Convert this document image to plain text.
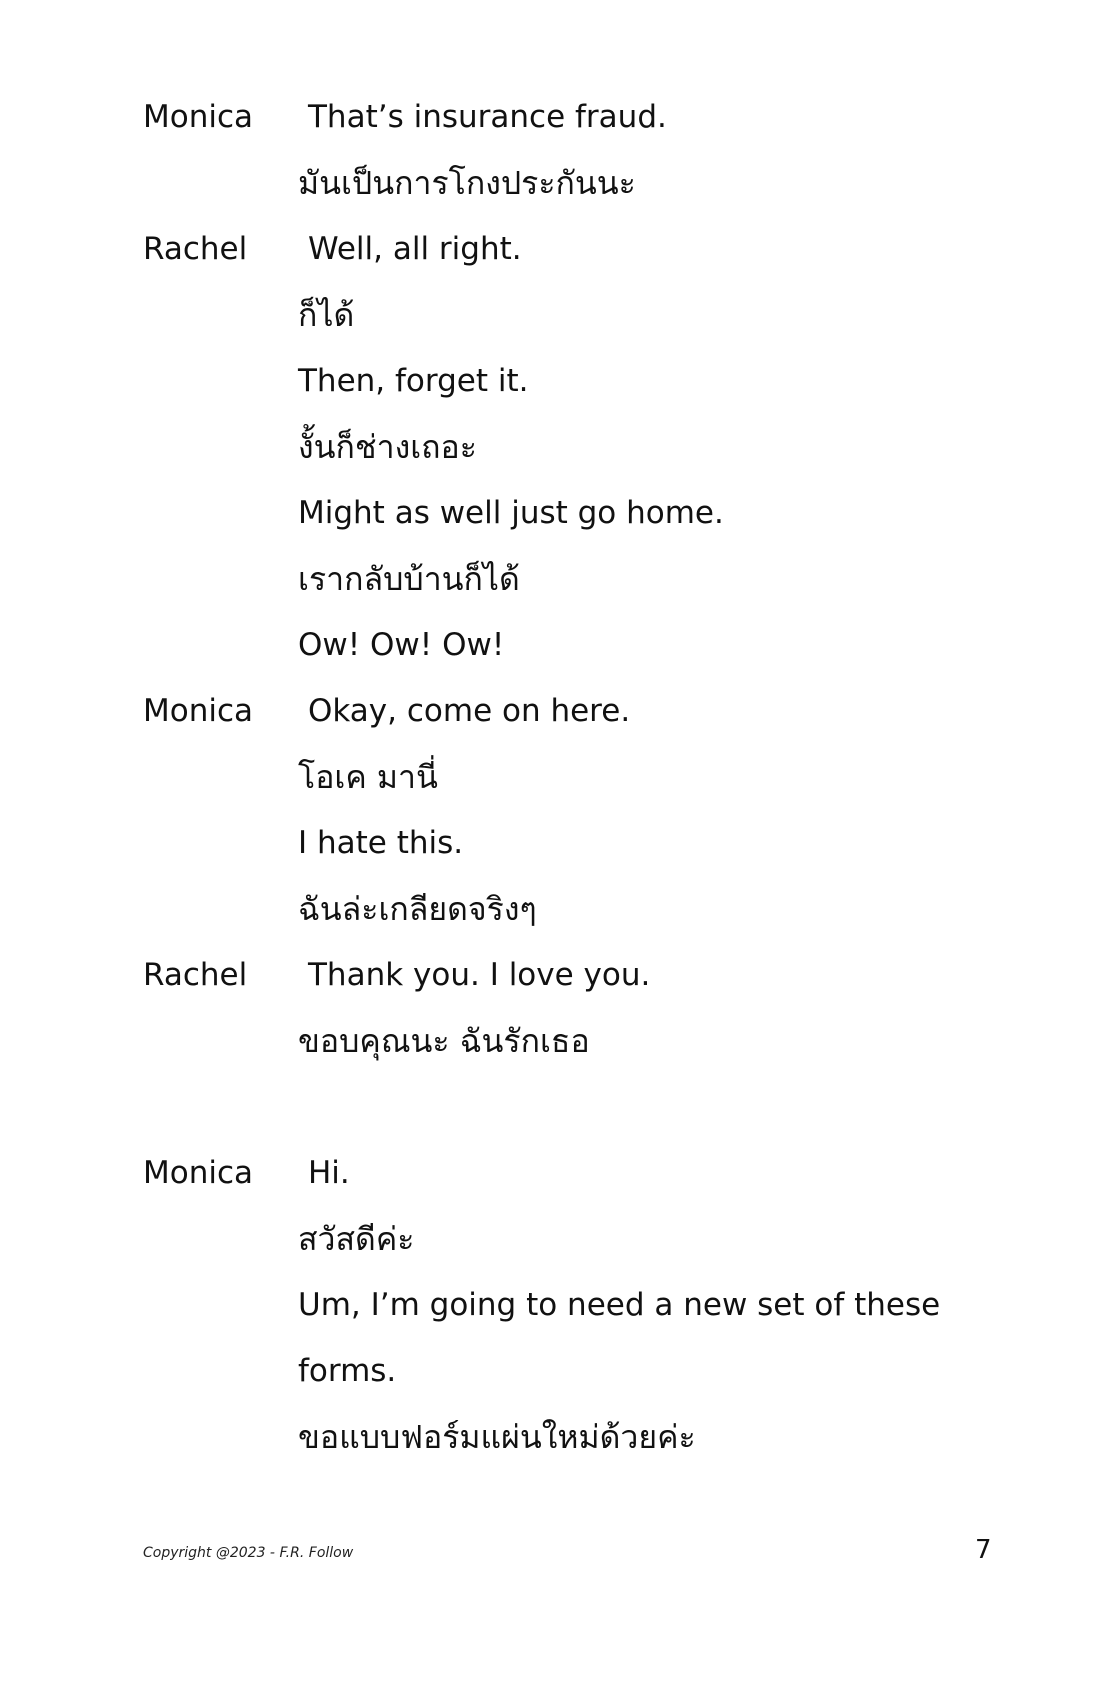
Monica That’s insurance fraud.
มันเป็นการโกงประกันนะ
Rachel Well, all right.
ก็ได้
Then, forget it.
งั้นก็ช่างเถอะ
Might as well just go home.
เรากลับบ้านก็ได้
Ow! Ow! Ow!
Monica Okay, come on here.
โอเค มานี่
I hate this.
ฉันล่ะเกลียดจริงๆ
Rachel Thank you. I love you.
ขอบคุณนะ ฉันรักเธอ
Monica Hi.
สวัสดีค่ะ
Um, I’m going to need a new set of these
forms.
ขอแบบฟอร์มแผ่นใหม่ด้วยค่ะ
Copyright @2023 - F.R. Follow	7
